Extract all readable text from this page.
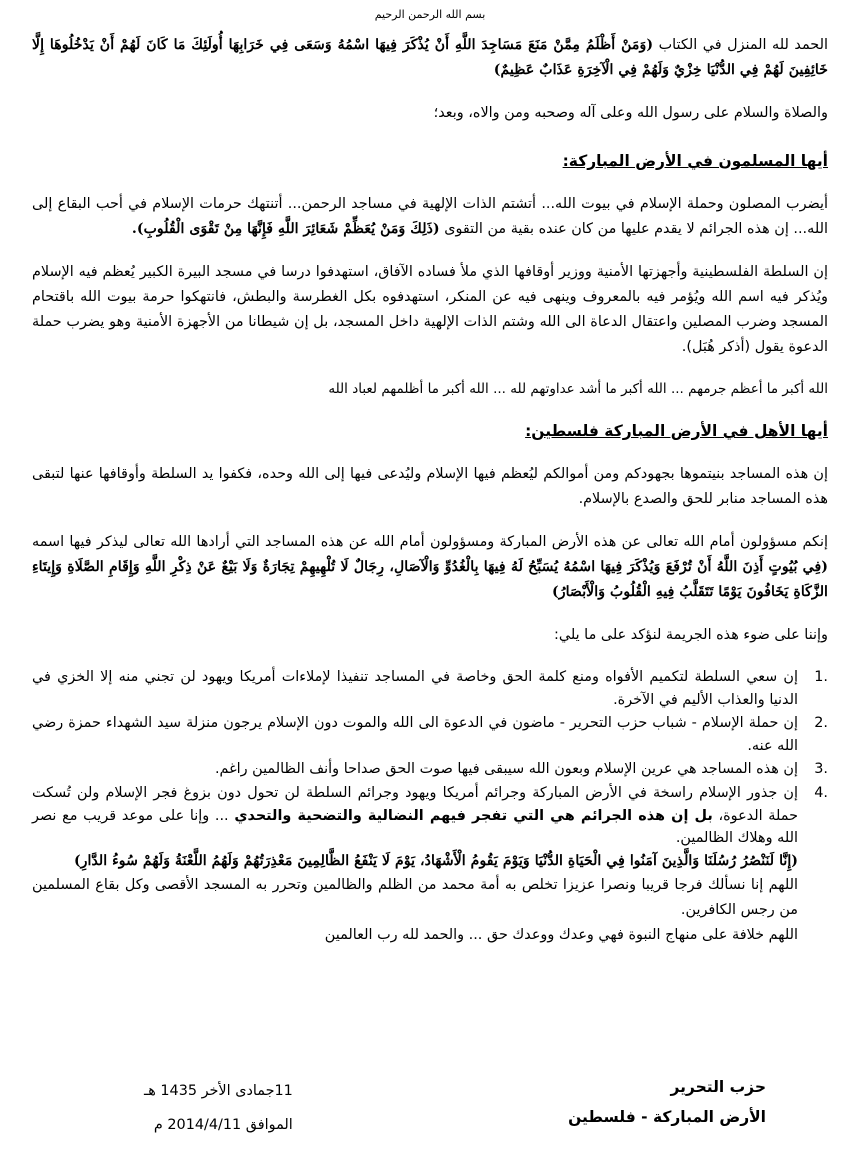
بسم الله الرحمن الرحيم

الحمد لله المنزل في الكتاب (وَمَنْ أَظْلَمُ مِمَّنْ مَنَعَ مَسَاجِدَ اللَّهِ أَنْ يُذْكَرَ فِيهَا اسْمُهُ وَسَعَى فِي خَرَابِهَا أُولَئِكَ مَا كَانَ لَهُمْ أَنْ يَدْخُلُوهَا إِلَّا خَائِفِينَ لَهُمْ فِي الدُّنْيَا خِزْيٌ وَلَهُمْ فِي الْآخِرَةِ عَذَابٌ عَظِيمٌ)

والصلاة والسلام على رسول الله وعلى آله وصحبه ومن والاه، وبعد؛

أيها المسلمون في الأرض المباركة:

أيضرب المصلون وحملة الإسلام في بيوت الله... أتشتم الذات الإلهية في مساجد الرحمن... أتنتهك حرمات الإسلام في أحب البقاع إلى الله... إن هذه الجرائم لا يقدم عليها من كان عنده بقية من التقوى (ذَلِكَ وَمَنْ يُعَظِّمْ شَعَائِرَ اللَّهِ فَإِنَّهَا مِنْ تَقْوَى الْقُلُوبِ).

إن السلطة الفلسطينية وأجهزتها الأمنية ووزير أوقافها الذي ملأ فساده الآفاق، استهدفوا درسا في مسجد البيرة الكبير يُعظم فيه الإسلام ويُذكر فيه اسم الله ويُؤمر فيه بالمعروف وينهى فيه عن المنكر، استهدفوه بكل الغطرسة والبطش، فانتهكوا حرمة بيوت الله باقتحام المسجد وضرب المصلين واعتقال الدعاة الى الله وشتم الذات الإلهية داخل المسجد، بل إن شيطانا من الأجهزة الأمنية وهو يضرب حملة الدعوة يقول (أذكر هُبَل).

الله أكبر ما أعظم جرمهم ... الله أكبر ما أشد عداوتهم لله ... الله أكبر ما أظلمهم لعباد الله

أيها الأهل في الأرض المباركة فلسطين:

إن هذه المساجد بنيتموها بجهودكم ومن أموالكم ليُعظم فيها الإسلام وليُدعى فيها إلى الله وحده، فكفوا يد السلطة وأوقافها عنها لتبقى هذه المساجد منابر للحق والصدع بالإسلام.

إنكم مسؤولون أمام الله تعالى عن هذه الأرض المباركة ومسؤولون أمام الله عن هذه المساجد التي أرادها الله تعالى ليذكر فيها اسمه (فِي بُيُوتٍ أَذِنَ اللَّهُ أَنْ تُرْفَعَ وَيُذْكَرَ فِيهَا اسْمُهُ يُسَبِّحُ لَهُ فِيهَا بِالْغُدُوِّ وَالْآصَالِ، رِجَالٌ لَا تُلْهِيهِمْ تِجَارَةٌ وَلَا بَيْعٌ عَنْ ذِكْرِ اللَّهِ وَإِقَامِ الصَّلَاةِ وَإِيتَاءِ الزَّكَاةِ يَخَافُونَ يَوْمًا تَتَقَلَّبُ فِيهِ الْقُلُوبُ وَالْأَبْصَارُ)

وإننا على ضوء هذه الجريمة لنؤكد على ما يلي:

.1
إن سعي السلطة لتكميم الأفواه ومنع كلمة الحق وخاصة في المساجد تنفيذا لإملاءات أمريكا ويهود لن تجني منه إلا الخزي في الدنيا والعذاب الأليم في الآخرة.
.2
إن حملة الإسلام - شباب حزب التحرير - ماضون في الدعوة الى الله والموت دون الإسلام يرجون منزلة سيد الشهداء حمزة رضي الله عنه.
.3
إن هذه المساجد هي عرين الإسلام وبعون الله سيبقى فيها صوت الحق صداحا وأنف الظالمين راغم.
.4
إن جذور الإسلام راسخة في الأرض المباركة وجرائم أمريكا ويهود وجرائم السلطة لن تحول دون بزوغ فجر الإسلام ولن تُسكت حملة الدعوة، بل إن هذه الجرائم هي التي تفجر فيهم النضالية والتضحية والتحدي ... وإنا على موعد قريب مع نصر الله وهلاك الظالمين.
(إِنَّا لَنَنْصُرُ رُسُلَنَا وَالَّذِينَ آمَنُوا فِي الْحَيَاةِ الدُّنْيَا وَيَوْمَ يَقُومُ الْأَشْهَادُ، يَوْمَ لَا يَنْفَعُ الظَّالِمِينَ مَعْذِرَتُهُمْ وَلَهُمُ اللَّعْنَةُ وَلَهُمْ سُوءُ الدَّارِ)

اللهم إنا نسألك فرجا قريبا ونصرا عزيزا تخلص به أمة محمد من الظلم والظالمين وتحرر به المسجد الأقصى وكل بقاع المسلمين من رجس الكافرين.

اللهم خلافة على منهاج النبوة فهي وعدك ووعدك حق ... والحمد لله رب العالمين

حزب التحرير
الأرض المباركة - فلسطين
11جمادى الأخر 1435 هـ
الموافق 2014/4/11 م
